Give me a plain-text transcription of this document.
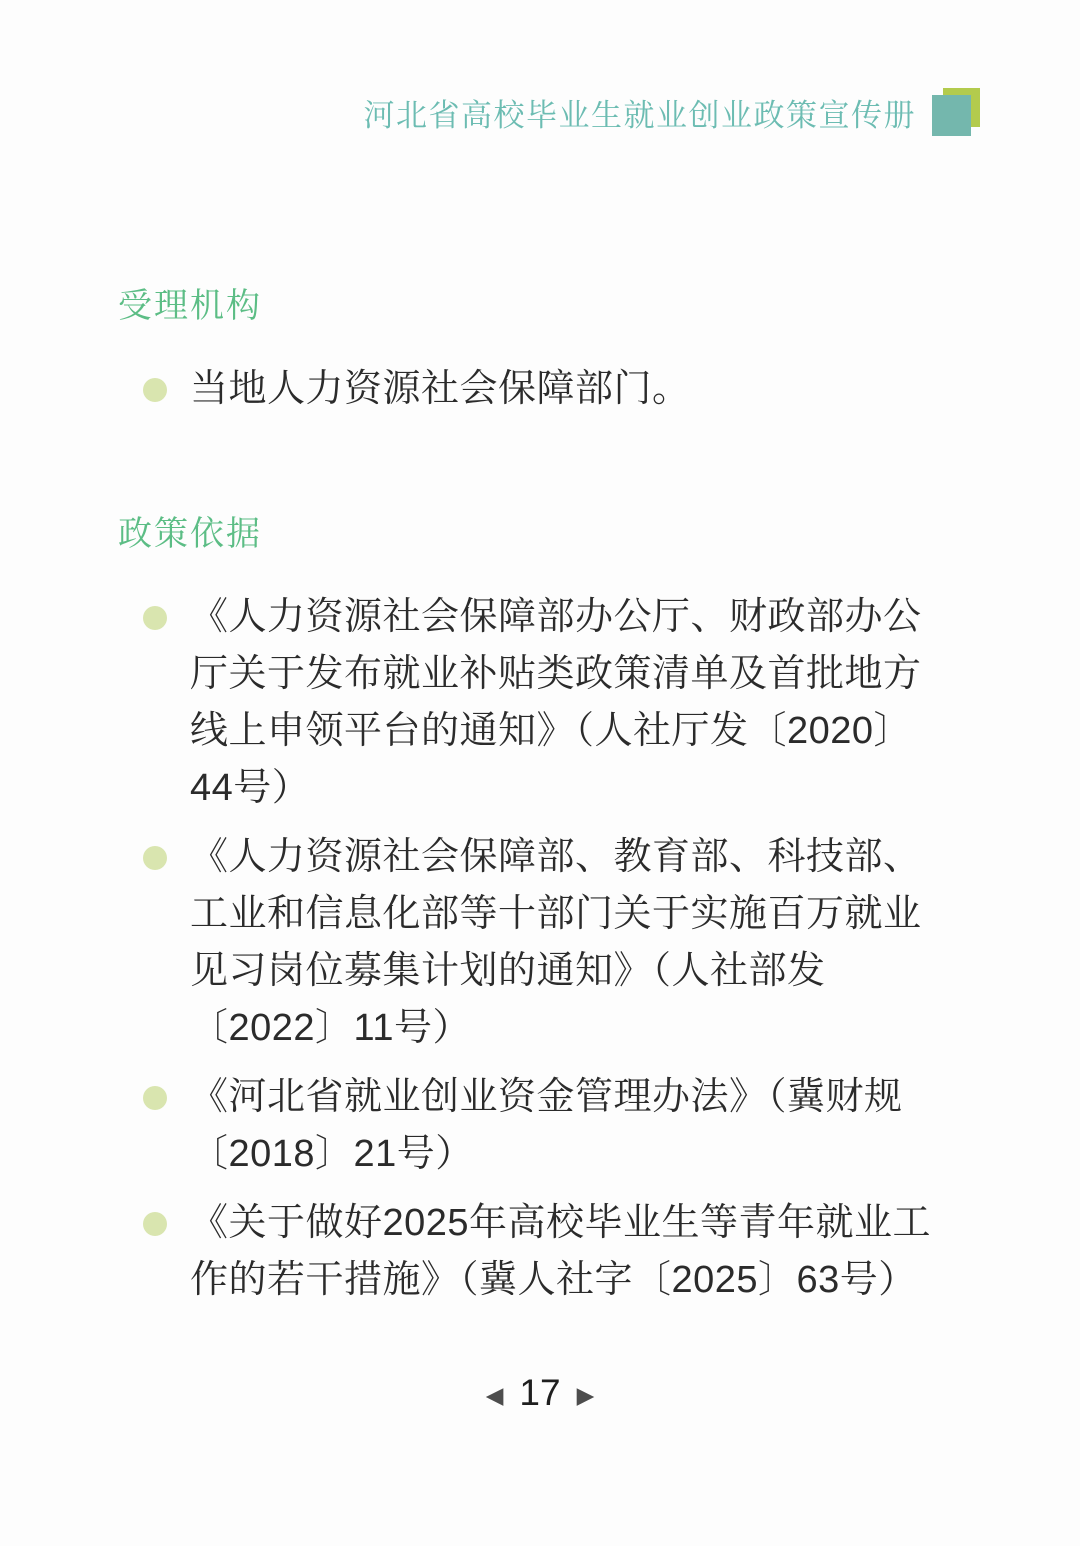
河北省高校毕业生就业创业政策宣传册
受理机构
当地人力资源社会保障部门。
政策依据
《人力资源社会保障部办公厅、财政部办公厅关于发布就业补贴类政策清单及首批地方线上申领平台的通知》（人社厅发〔2020〕44号）
《人力资源社会保障部、教育部、科技部、工业和信息化部等十部门关于实施百万就业见习岗位募集计划的通知》（人社部发〔2022〕11号）
《河北省就业创业资金管理办法》（冀财规〔2018〕21号）
《关于做好2025年高校毕业生等青年就业工作的若干措施》（冀人社字〔2025〕63号）
◀ 17 ▶
